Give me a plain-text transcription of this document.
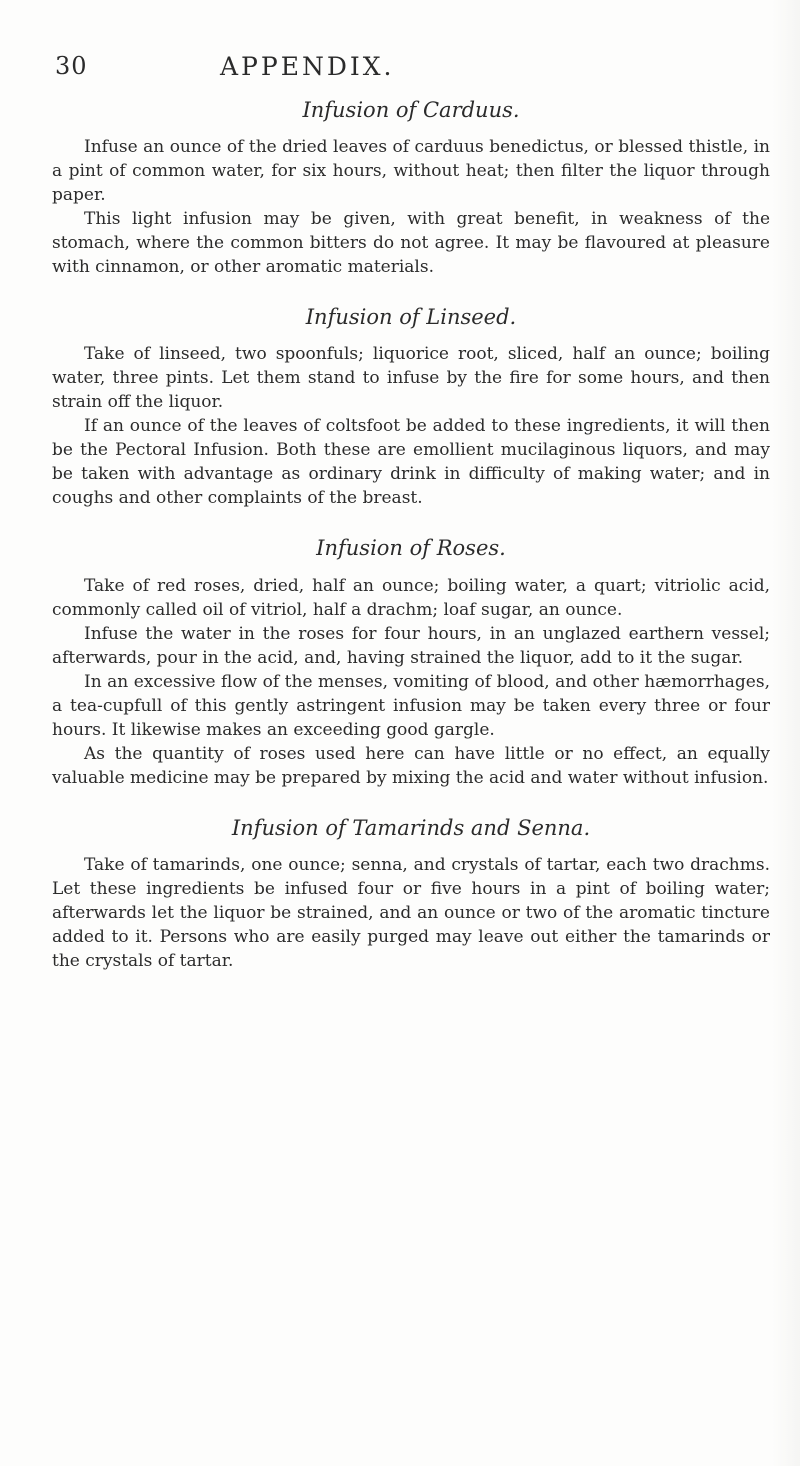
30	APPENDIX.
Infusion of Carduus.

Infuse an ounce of the dried leaves of carduus benedictus, or blessed thistle, in a pint of common water, for six hours, without heat; then filter the liquor through paper.

This light infusion may be given, with great benefit, in weakness of the stomach, where the common bitters do not agree. It may be flavoured at pleasure with cinnamon, or other aromatic materials.

Infusion of Linseed.

Take of linseed, two spoonfuls; liquorice root, sliced, half an ounce; boiling water, three pints. Let them stand to infuse by the fire for some hours, and then strain off the liquor.

If an ounce of the leaves of coltsfoot be added to these ingredients, it will then be the Pectoral Infusion. Both these are emollient mucilaginous liquors, and may be taken with advantage as ordinary drink in difficulty of making water; and in coughs and other complaints of the breast.

Infusion of Roses.

Take of red roses, dried, half an ounce; boiling water, a quart; vitriolic acid, commonly called oil of vitriol, half a drachm; loaf sugar, an ounce.

Infuse the water in the roses for four hours, in an unglazed earthern vessel; afterwards, pour in the acid, and, having strained the liquor, add to it the sugar.

In an excessive flow of the menses, vomiting of blood, and other hæmorrhages, a tea-cupfull of this gently astringent infusion may be taken every three or four hours. It likewise makes an exceeding good gargle.

As the quantity of roses used here can have little or no effect, an equally valuable medicine may be prepared by mixing the acid and water without infusion.

Infusion of Tamarinds and Senna.

Take of tamarinds, one ounce; senna, and crystals of tartar, each two drachms. Let these ingredients be infused four or five hours in a pint of boiling water; afterwards let the liquor be strained, and an ounce or two of the aromatic tincture added to it. Persons who are easily purged may leave out either the tamarinds or the crystals of tartar.
